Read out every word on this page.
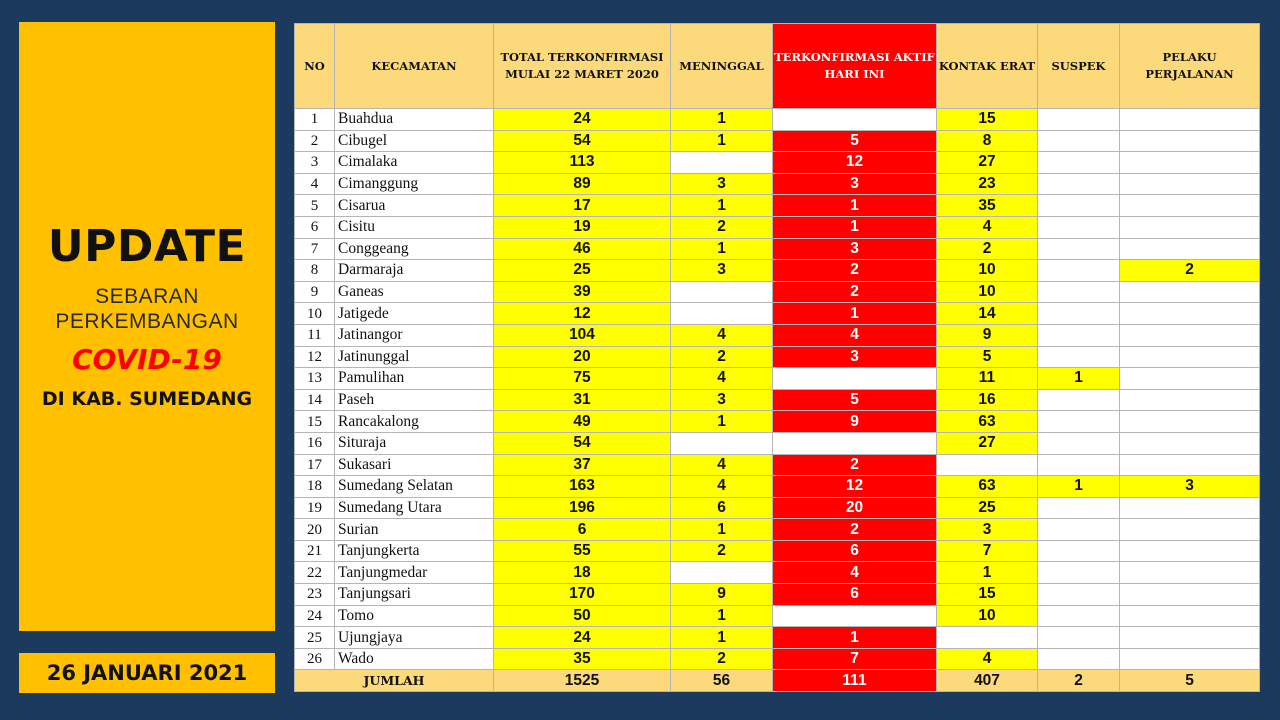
UPDATE
SEBARAN
PERKEMBANGAN
COVID-19
DI KAB. SUMEDANG
26 JANUARI 2021
NO	KECAMATAN	TOTAL TERKONFIRMASI MULAI 22 MARET 2020	MENINGGAL	TERKONFIRMASI AKTIF HARI INI	KONTAK ERAT	SUSPEK	PELAKU PERJALANAN
1	Buahdua	24	1		15		
2	Cibugel	54	1	5	8		
3	Cimalaka	113		12	27		
4	Cimanggung	89	3	3	23		
5	Cisarua	17	1	1	35		
6	Cisitu	19	2	1	4		
7	Conggeang	46	1	3	2		
8	Darmaraja	25	3	2	10		2
9	Ganeas	39		2	10		
10	Jatigede	12		1	14		
11	Jatinangor	104	4	4	9		
12	Jatinunggal	20	2	3	5		
13	Pamulihan	75	4		11	1	
14	Paseh	31	3	5	16		
15	Rancakalong	49	1	9	63		
16	Situraja	54			27		
17	Sukasari	37	4	2			
18	Sumedang Selatan	163	4	12	63	1	3
19	Sumedang Utara	196	6	20	25		
20	Surian	6	1	2	3		
21	Tanjungkerta	55	2	6	7		
22	Tanjungmedar	18		4	1		
23	Tanjungsari	170	9	6	15		
24	Tomo	50	1		10		
25	Ujungjaya	24	1	1			
26	Wado	35	2	7	4		
JUMLAH		1525	56	111	407	2	5
